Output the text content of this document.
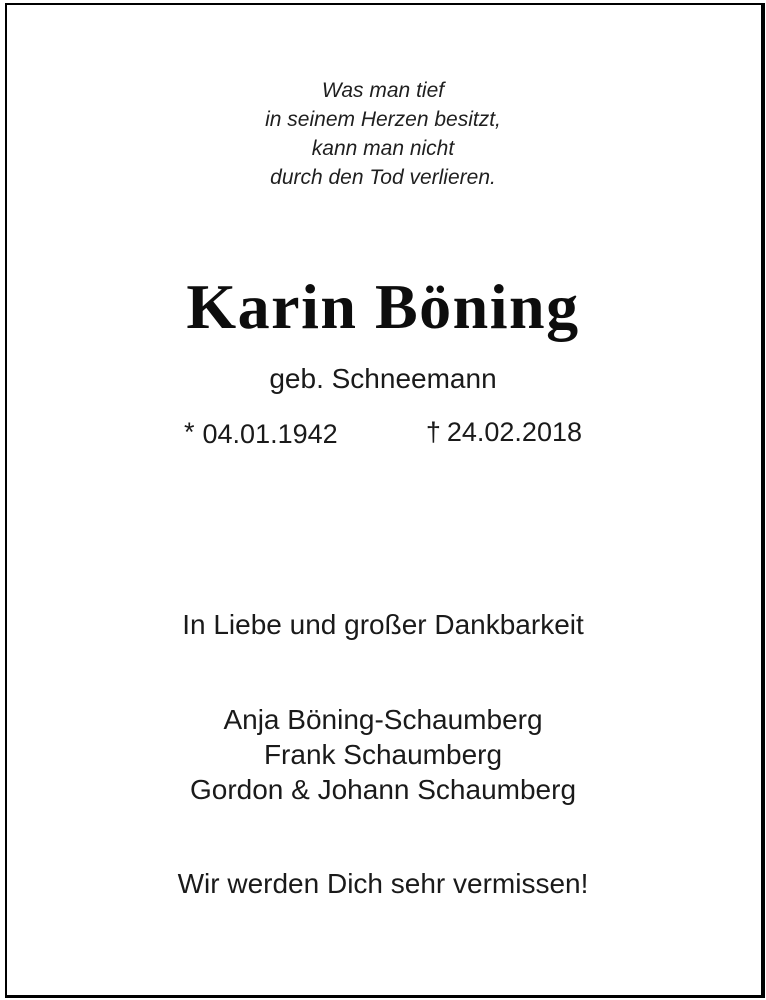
Was man tief
in seinem Herzen besitzt,
kann man nicht
durch den Tod verlieren.
Karin Böning
geb. Schneemann
* 04.01.1942	† 24.02.2018
In Liebe und großer Dankbarkeit
Anja Böning-Schaumberg
Frank Schaumberg
Gordon & Johann Schaumberg
Wir werden Dich sehr vermissen!
